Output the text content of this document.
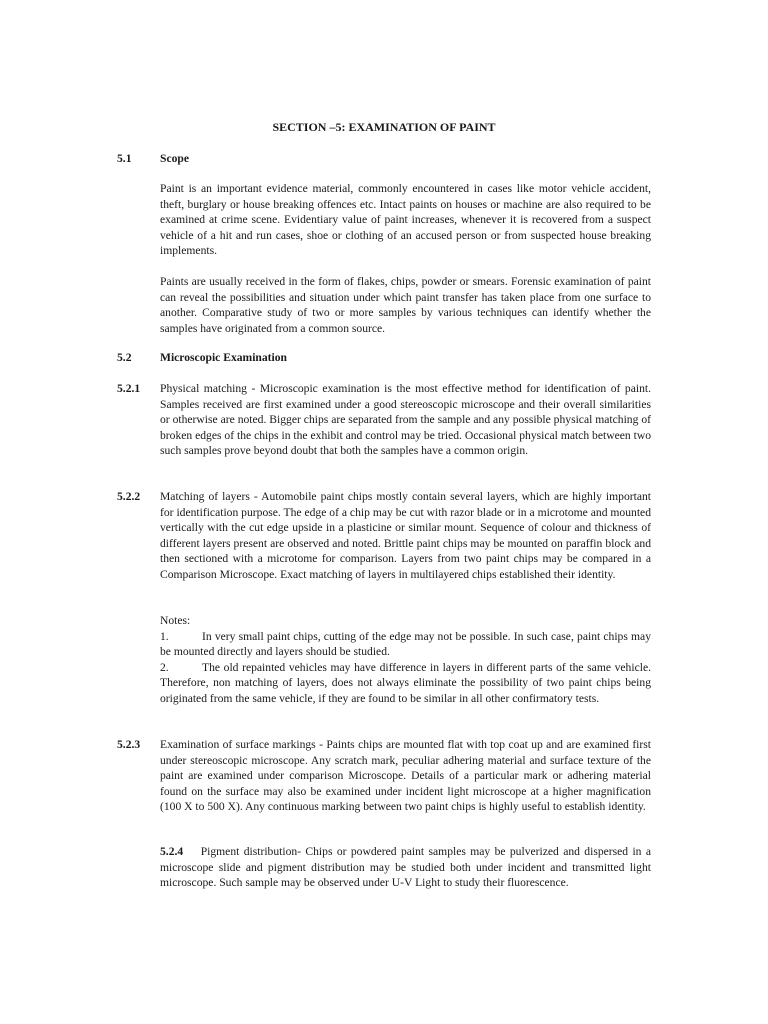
SECTION –5: EXAMINATION OF PAINT
5.1 Scope
Paint is an important evidence material, commonly encountered in cases like motor vehicle accident, theft, burglary or house breaking offences etc. Intact paints on houses or machine are also required to be examined at crime scene. Evidentiary value of paint increases, whenever it is recovered from a suspect vehicle of a hit and run cases, shoe or clothing of an accused person or from suspected house breaking implements.
Paints are usually received in the form of flakes, chips, powder or smears. Forensic examination of paint can reveal the possibilities and situation under which paint transfer has taken place from one surface to another. Comparative study of two or more samples by various techniques can identify whether the samples have originated from a common source.
5.2 Microscopic Examination
5.2.1 Physical matching - Microscopic examination is the most effective method for identification of paint. Samples received are first examined under a good stereoscopic microscope and their overall similarities or otherwise are noted. Bigger chips are separated from the sample and any possible physical matching of broken edges of the chips in the exhibit and control may be tried. Occasional physical match between two such samples prove beyond doubt that both the samples have a common origin.
5.2.2 Matching of layers - Automobile paint chips mostly contain several layers, which are highly important for identification purpose. The edge of a chip may be cut with razor blade or in a microtome and mounted vertically with the cut edge upside in a plasticine or similar mount. Sequence of colour and thickness of different layers present are observed and noted. Brittle paint chips may be mounted on paraffin block and then sectioned with a microtome for comparison. Layers from two paint chips may be compared in a Comparison Microscope. Exact matching of layers in multilayered chips established their identity.
Notes:
1.	In very small paint chips, cutting of the edge may not be possible. In such case, paint chips may be mounted directly and layers should be studied.
2.	The old repainted vehicles may have difference in layers in different parts of the same vehicle. Therefore, non matching of layers, does not always eliminate the possibility of two paint chips being originated from the same vehicle, if they are found to be similar in all other confirmatory tests.
5.2.3 Examination of surface markings - Paints chips are mounted flat with top coat up and are examined first under stereoscopic microscope. Any scratch mark, peculiar adhering material and surface texture of the paint are examined under comparison Microscope. Details of a particular mark or adhering material found on the surface may also be examined under incident light microscope at a higher magnification (100 X to 500 X). Any continuous marking between two paint chips is highly useful to establish identity.
5.2.4 Pigment distribution- Chips or powdered paint samples may be pulverized and dispersed in a microscope slide and pigment distribution may be studied both under incident and transmitted light microscope. Such sample may be observed under U-V Light to study their fluorescence.
